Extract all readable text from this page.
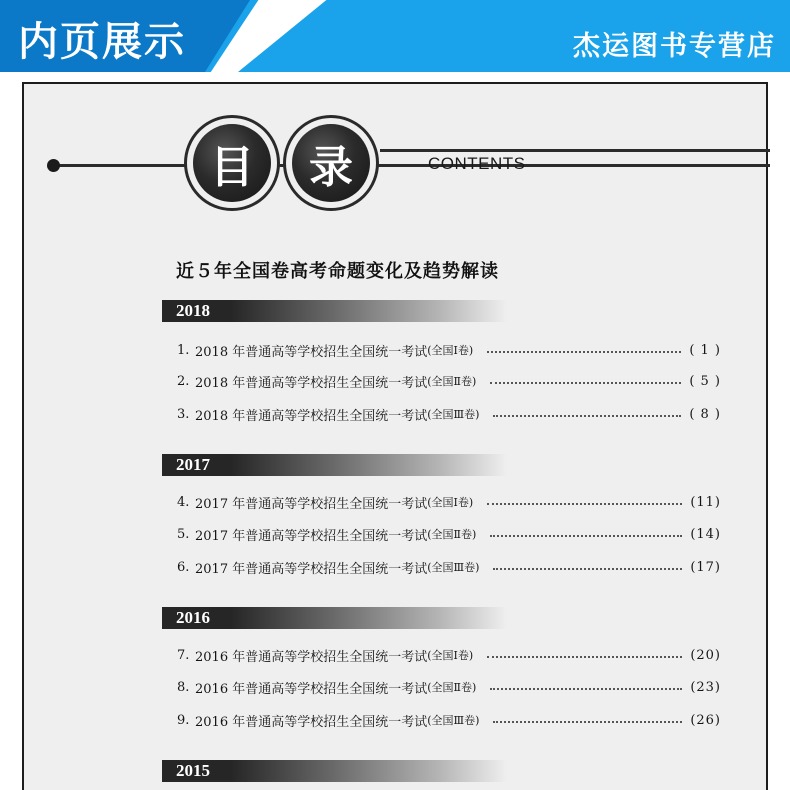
内页展示	杰运图书专营店
目	录	CONTENTS
近５年全国卷高考命题变化及趋势解读
2018
1. 2018 年普通高等学校招生全国统一考试 (全国Ⅰ卷)	( 1 )
2. 2018 年普通高等学校招生全国统一考试 (全国Ⅱ卷)	( 5 )
3. 2018 年普通高等学校招生全国统一考试 (全国Ⅲ卷)	( 8 )
2017
4. 2017 年普通高等学校招生全国统一考试 (全国Ⅰ卷)	(11)
5. 2017 年普通高等学校招生全国统一考试 (全国Ⅱ卷)	(14)
6. 2017 年普通高等学校招生全国统一考试 (全国Ⅲ卷)	(17)
2016
7. 2016 年普通高等学校招生全国统一考试 (全国Ⅰ卷)	(20)
8. 2016 年普通高等学校招生全国统一考试 (全国Ⅱ卷)	(23)
9. 2016 年普通高等学校招生全国统一考试 (全国Ⅲ卷)	(26)
2015
